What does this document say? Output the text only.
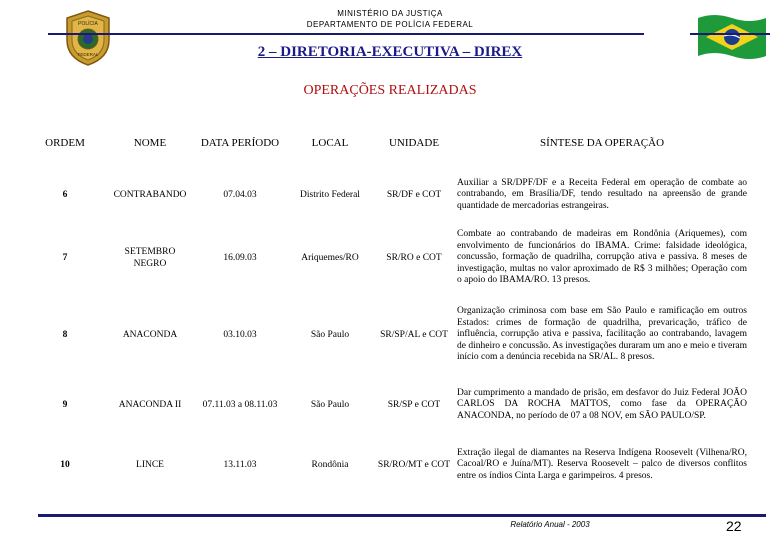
POLÍCIA
FEDERAL
MINISTÉRIO DA JUSTIÇA
DEPARTAMENTO DE POLÍCIA FEDERAL
2 – DIRETORIA-EXECUTIVA – DIREX
OPERAÇÕES REALIZADAS
ORDEM	NOME	DATA PERÍODO	LOCAL	UNIDADE	SÍNTESE DA OPERAÇÃO
6	CONTRABANDO	07.04.03	Distrito Federal	SR/DF e COT	Auxiliar a SR/DPF/DF e a Receita Federal em operação de combate ao contrabando, em Brasília/DF, tendo resultado na apreensão de grande quantidade de mercadorias estrangeiras.
7	SETEMBRO NEGRO	16.09.03	Ariquemes/RO	SR/RO e COT	Combate ao contrabando de madeiras em Rondônia (Ariquemes), com envolvimento de funcionários do IBAMA. Crime: falsidade ideológica, concussão, formação de quadrilha, corrupção ativa e passiva. 8 meses de investigação, multas no valor aproximado de R$ 3 milhões; Operação com o apoio do IBAMA/RO. 13 presos.
8	ANACONDA	03.10.03	São Paulo	SR/SP/AL e COT	Organização criminosa com base em São Paulo e ramificação em outros Estados: crimes de formação de quadrilha, prevaricação, tráfico de influência, corrupção ativa e passiva, facilitação ao contrabando, lavagem de dinheiro e concussão. As investigações duraram um ano e meio e tiveram início com a denúncia recebida na SR/AL. 8 presos.
9	ANACONDA II	07.11.03 a 08.11.03	São Paulo	SR/SP e COT	Dar cumprimento a mandado de prisão, em desfavor do Juiz Federal JOÃO CARLOS DA ROCHA MATTOS, como fase da OPERAÇÃO ANACONDA, no período de 07 a 08 NOV, em SÃO PAULO/SP.
10	LINCE	13.11.03	Rondônia	SR/RO/MT e COT	Extração ilegal de diamantes na Reserva Indígena Roosevelt (Vilhena/RO, Cacoal/RO e Juína/MT). Reserva Roosevelt – palco de diversos conflitos entre os índios Cinta Larga e garimpeiros. 4 presos.
Relatório Anual - 2003	22
